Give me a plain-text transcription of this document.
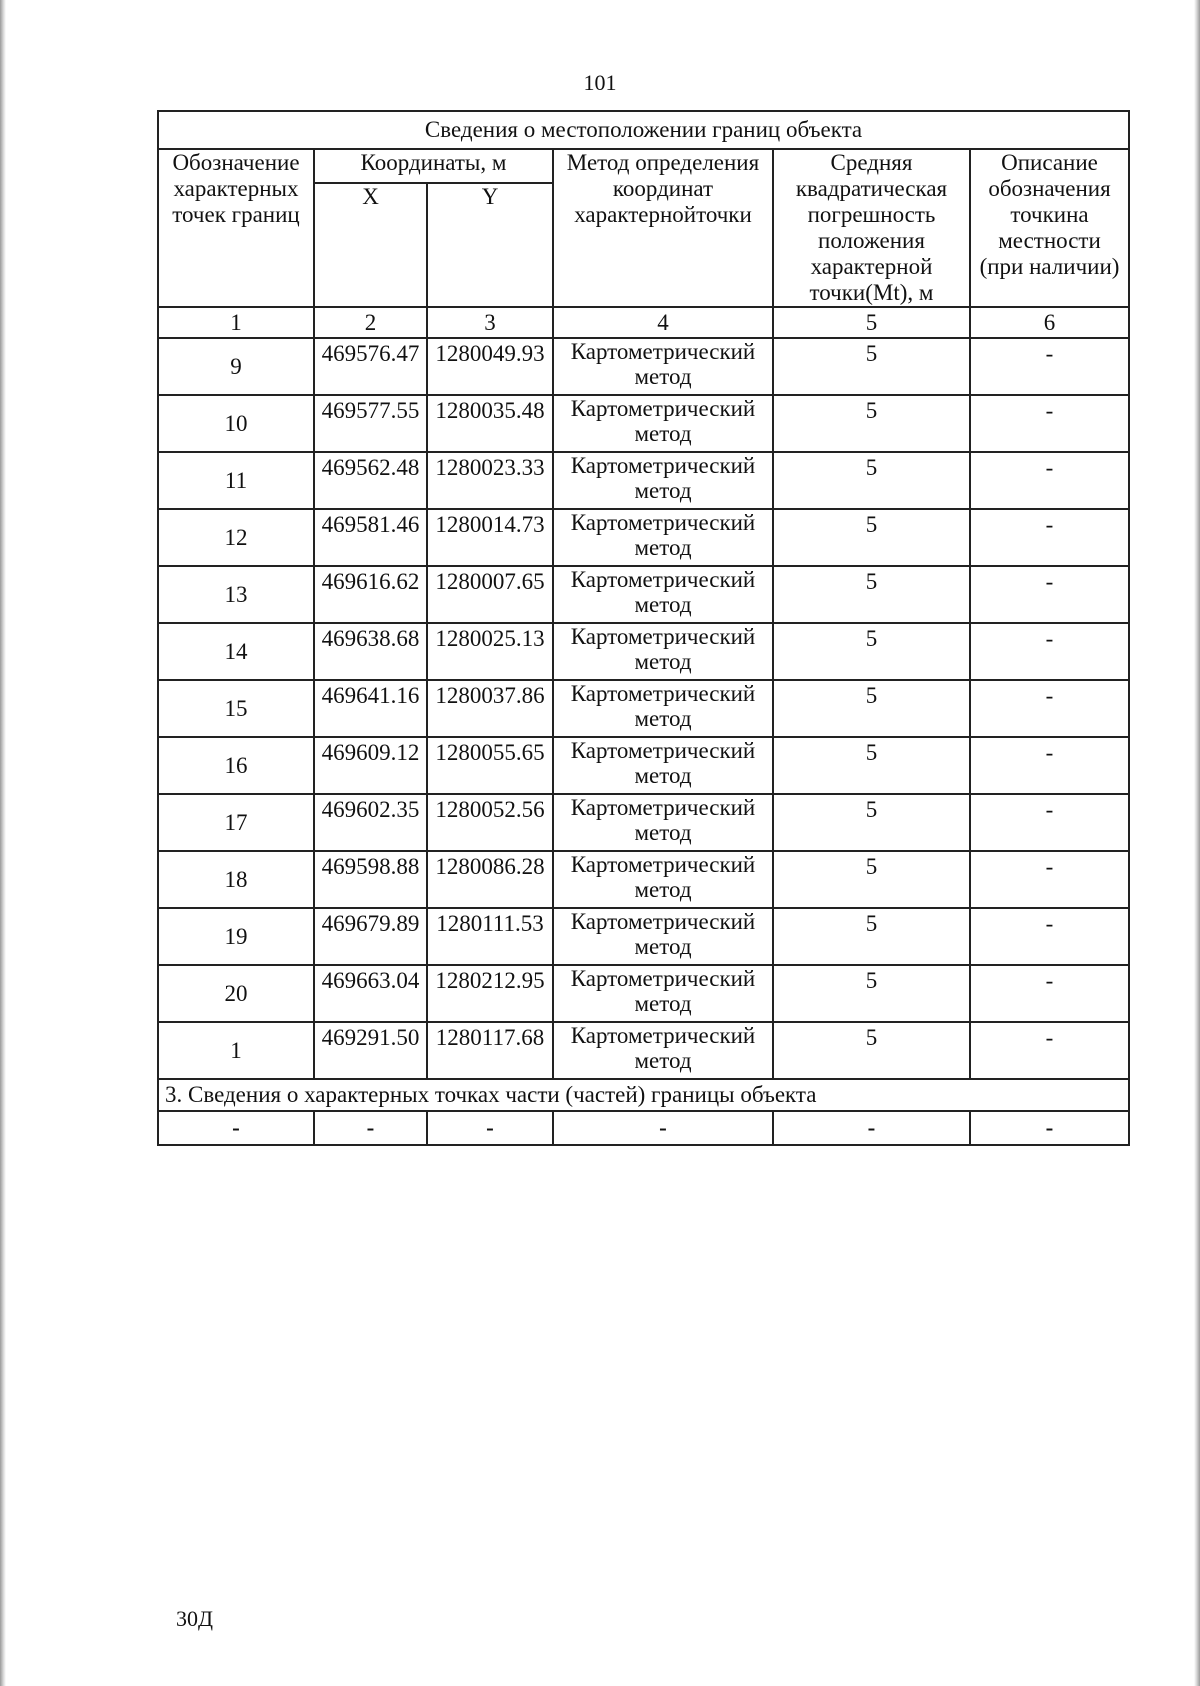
101
Сведения о местоположении границ объекта					
Обозначение характерных точек границ	Координаты, м		Метод определения координат характернойточки	Средняя квадратическая погрешность положения характерной точки(Mt), м	Описание обозначения точкина местности (при наличии)
	X	Y			
1	2	3	4	5	6
9	469576.47	1280049.93	Картометрический метод	5	-
10	469577.55	1280035.48	Картометрический метод	5	-
11	469562.48	1280023.33	Картометрический метод	5	-
12	469581.46	1280014.73	Картометрический метод	5	-
13	469616.62	1280007.65	Картометрический метод	5	-
14	469638.68	1280025.13	Картометрический метод	5	-
15	469641.16	1280037.86	Картометрический метод	5	-
16	469609.12	1280055.65	Картометрический метод	5	-
17	469602.35	1280052.56	Картометрический метод	5	-
18	469598.88	1280086.28	Картометрический метод	5	-
19	469679.89	1280111.53	Картометрический метод	5	-
20	469663.04	1280212.95	Картометрический метод	5	-
1	469291.50	1280117.68	Картометрический метод	5	-
3. Сведения о характерных точках части (частей) границы объекта					
-	-	-	-	-	-
30Д
